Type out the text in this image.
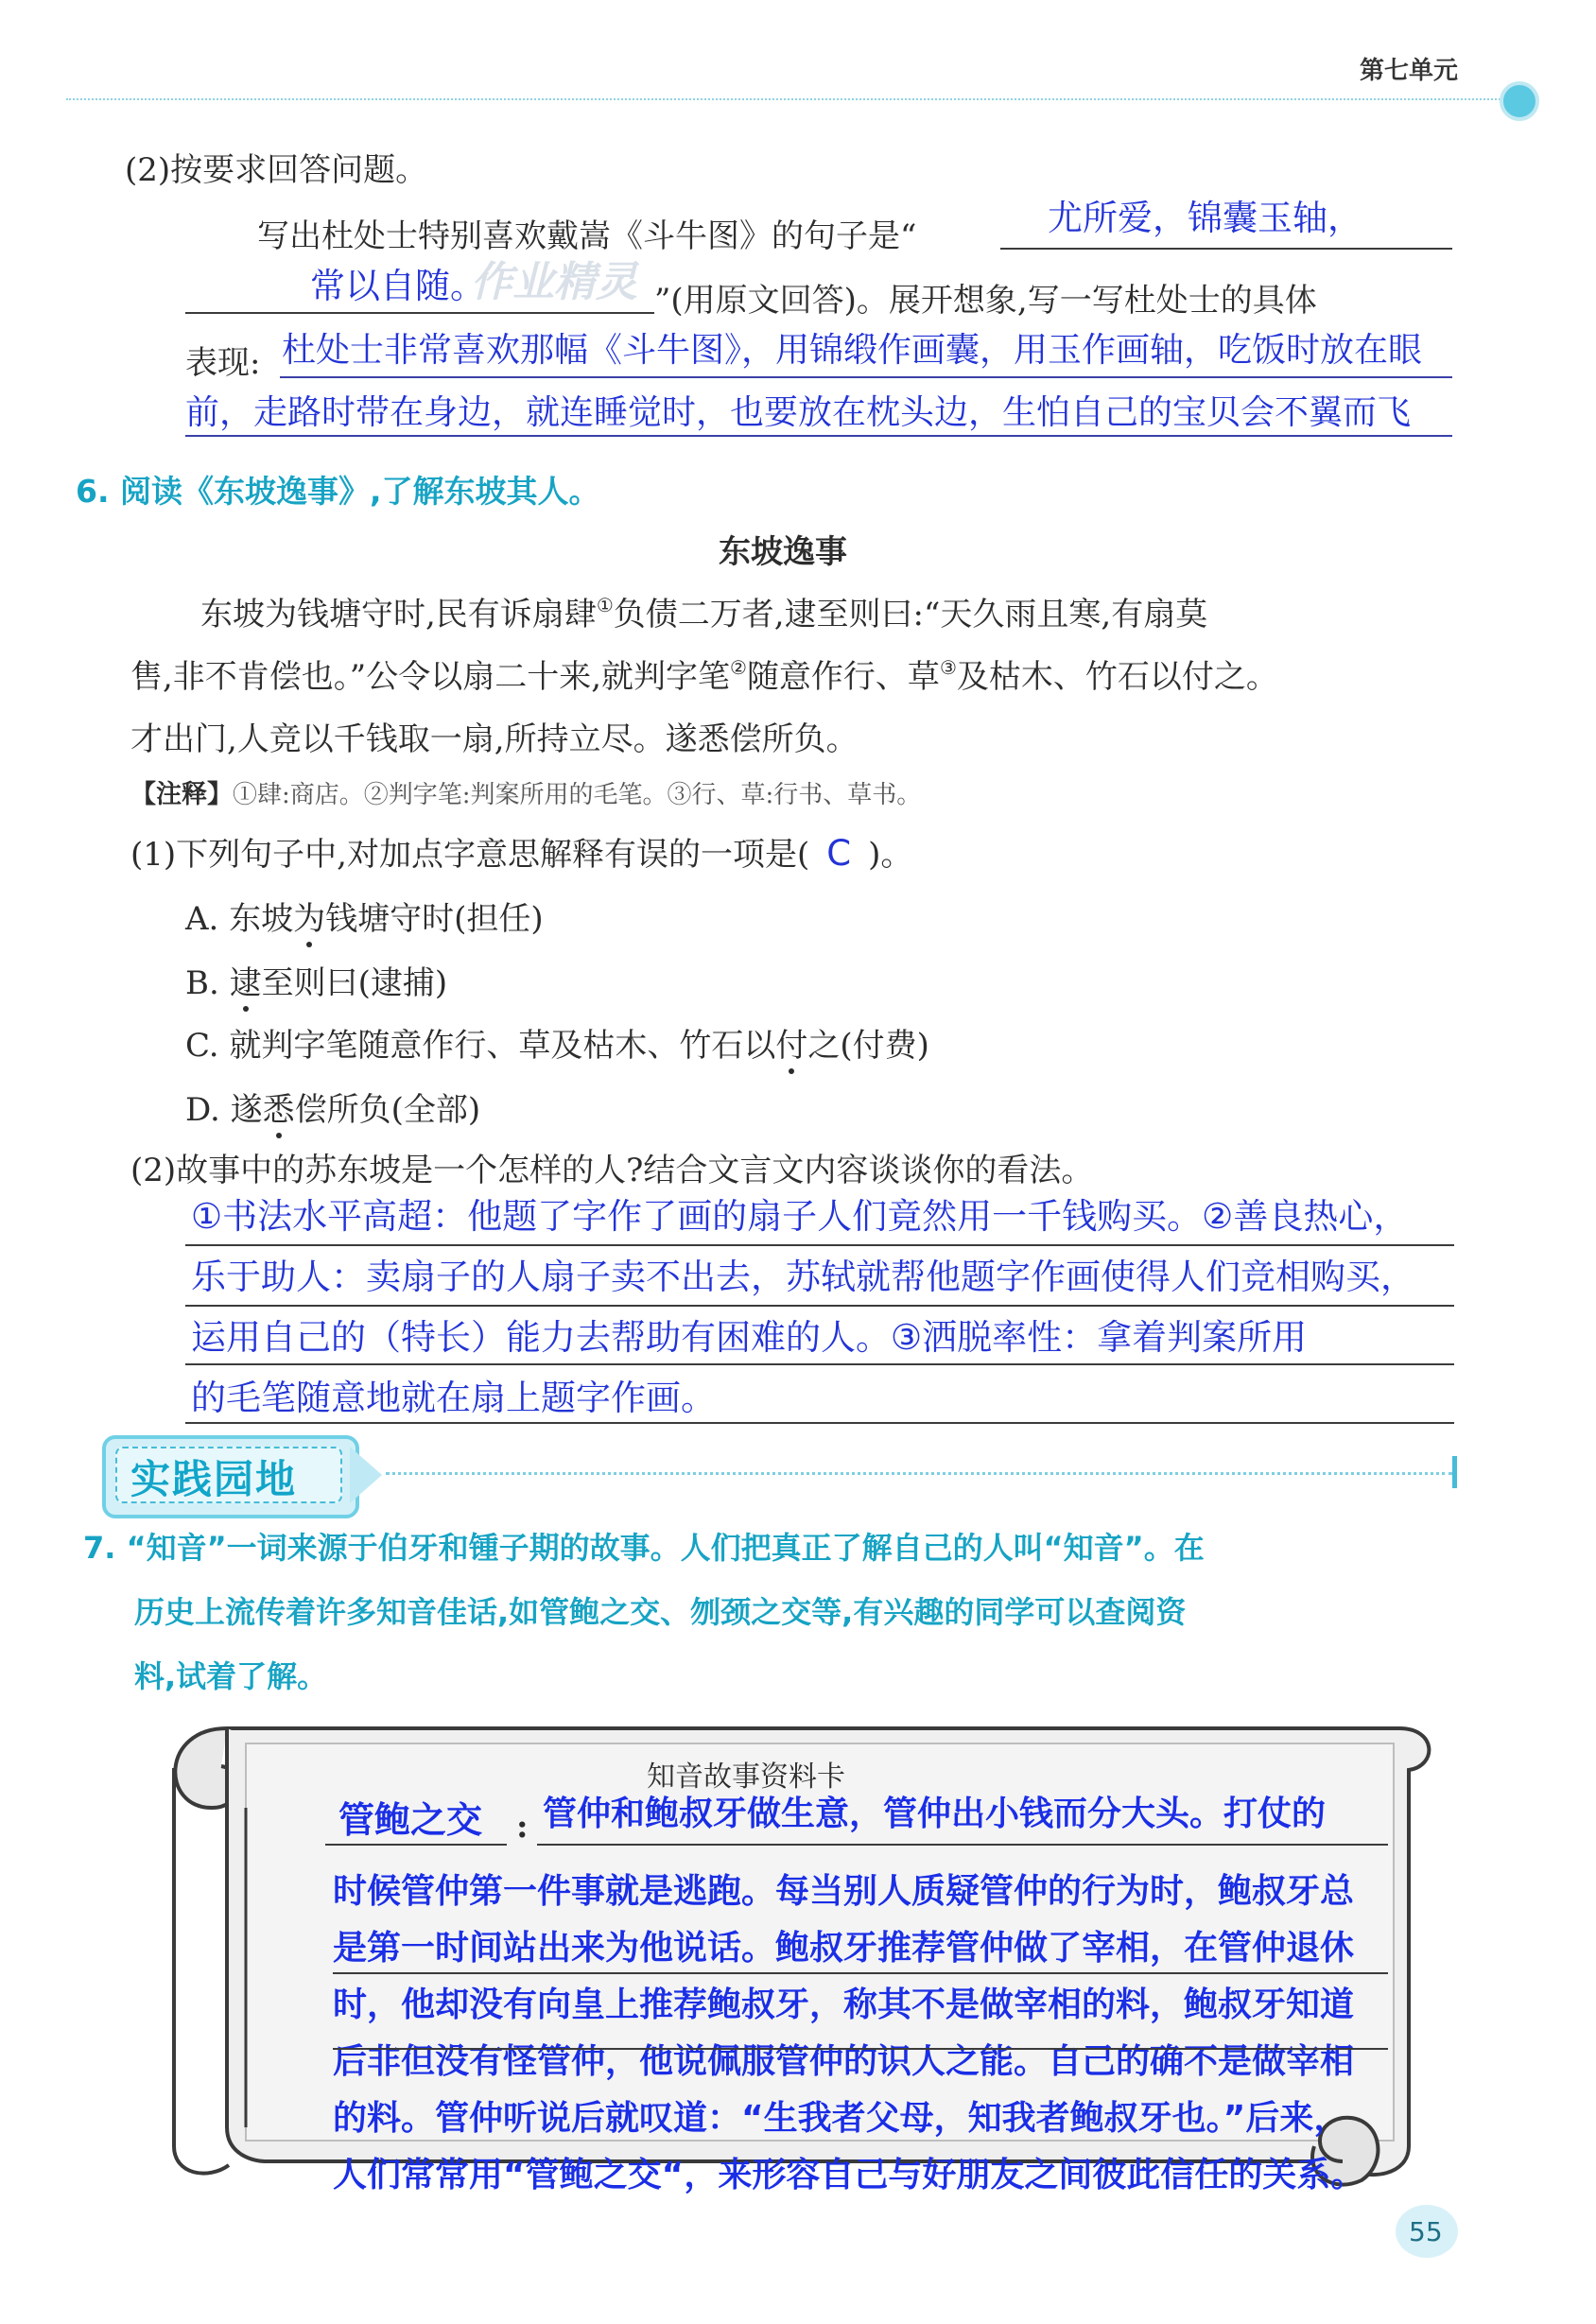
第七单元
(2)按要求回答问题。
写出杜处士特别喜欢戴嵩《斗牛图》的句子是“	尤所爱，锦囊玉轴，
常以自随。
作业精灵 ”(用原文回答)。展开想象,写一写杜处士的具体
表现: 杜处士非常喜欢那幅《斗牛图》，用锦缎作画囊，用玉作画轴，吃饭时放在眼
前，走路时带在身边，就连睡觉时，也要放在枕头边，生怕自己的宝贝会不翼而飞
6. 阅读《东坡逸事》,了解东坡其人。
东坡逸事
东坡为钱塘守时,民有诉扇肆①负债二万者,逮至则曰:“天久雨且寒,有扇莫
售,非不肯偿也。”公令以扇二十来,就判字笔②随意作行、草③及枯木、竹石以付之。
才出门,人竞以千钱取一扇,所持立尽。遂悉偿所负。
【注释】①肆:商店。②判字笔:判案所用的毛笔。③行、草:行书、草书。
(1)下列句子中,对加点字意思解释有误的一项是( C )。
A. 东坡为钱塘守时(担任)
B. 逮至则曰(逮捕)
C. 就判字笔随意作行、草及枯木、竹石以付之(付费)
D. 遂悉偿所负(全部)
(2)故事中的苏东坡是一个怎样的人?结合文言文内容谈谈你的看法。
①书法水平高超：他题了字作了画的扇子人们竟然用一千钱购买。②善良热心，
乐于助人：卖扇子的人扇子卖不出去，苏轼就帮他题字作画使得人们竞相购买，
运用自己的（特长）能力去帮助有困难的人。③洒脱率性：拿着判案所用
的毛笔随意地就在扇上题字作画。
实践园地
7. “知音”一词来源于伯牙和锺子期的故事。人们把真正了解自己的人叫“知音”。在
历史上流传着许多知音佳话,如管鲍之交、刎颈之交等,有兴趣的同学可以查阅资
料,试着了解。
知音故事资料卡
管鲍之交 : 管仲和鲍叔牙做生意，管仲出小钱而分大头。打仗的
时候管仲第一件事就是逃跑。每当别人质疑管仲的行为时，鲍叔牙总
是第一时间站出来为他说话。鲍叔牙推荐管仲做了宰相，在管仲退休
时，他却没有向皇上推荐鲍叔牙，称其不是做宰相的料，鲍叔牙知道
后非但没有怪管仲，他说佩服管仲的识人之能。自己的确不是做宰相
的料。管仲听说后就叹道：“生我者父母，知我者鲍叔牙也。”后来，
人们常常用“管鲍之交“，来形容自己与好朋友之间彼此信任的关系。
55
